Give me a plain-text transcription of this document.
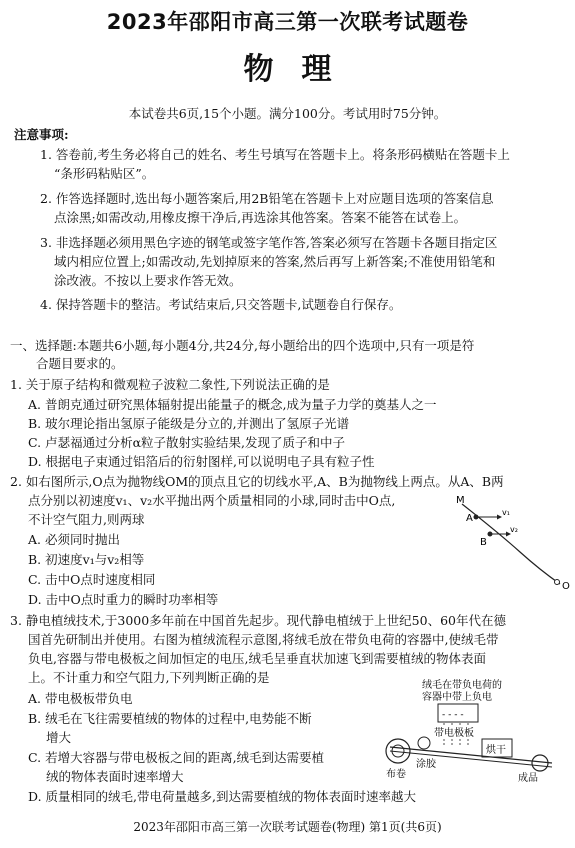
2023年邵阳市高三第一次联考试题卷
物理
本试卷共6页,15个小题。满分100分。考试用时75分钟。
注意事项:
1. 答卷前,考生务必将自己的姓名、考生号填写在答题卡上。将条形码横贴在答题卡上
“条形码粘贴区”。
2. 作答选择题时,选出每小题答案后,用2B铅笔在答题卡上对应题目选项的答案信息
点涂黑;如需改动,用橡皮擦干净后,再选涂其他答案。答案不能答在试卷上。
3. 非选择题必须用黑色字迹的钢笔或签字笔作答,答案必须写在答题卡各题目指定区
域内相应位置上;如需改动,先划掉原来的答案,然后再写上新答案;不准使用铅笔和
涂改液。不按以上要求作答无效。
4. 保持答题卡的整洁。考试结束后,只交答题卡,试题卷自行保存。
一、选择题:本题共6小题,每小题4分,共24分,每小题给出的四个选项中,只有一项是符
合题目要求的。
1. 关于原子结构和微观粒子波粒二象性,下列说法正确的是
A. 普朗克通过研究黑体辐射提出能量子的概念,成为量子力学的奠基人之一
B. 玻尔理论指出氢原子能级是分立的,并测出了氢原子光谱
C. 卢瑟福通过分析α粒子散射实验结果,发现了质子和中子
D. 根据电子束通过铝箔后的衍射图样,可以说明电子具有粒子性
2. 如右图所示,O点为抛物线OM的顶点且它的切线水平,A、B为抛物线上两点。从A、B两
点分别以初速度v₁、v₂水平抛出两个质量相同的小球,同时击中O点,
不计空气阻力,则两球
A. 必须同时抛出
B. 初速度v₁与v₂相等
C. 击中O点时速度相同
D. 击中O点时重力的瞬时功率相等
M
A
B
v₁
v₂
O
3. 静电植绒技术,于3000多年前在中国首先起步。现代静电植绒于上世纪50、60年代在德
国首先研制出并使用。右图为植绒流程示意图,将绒毛放在带负电荷的容器中,使绒毛带
负电,容器与带电极板之间加恒定的电压,绒毛呈垂直状加速飞到需要植绒的物体表面
上。不计重力和空气阻力,下列判断正确的是
A. 带电极板带负电
B. 绒毛在飞往需要植绒的物体的过程中,电势能不断
增大
C. 若增大容器与带电极板之间的距离,绒毛到达需要植
绒的物体表面时速率增大
D. 质量相同的绒毛,带电荷量越多,到达需要植绒的物体表面时速率越大
绒毛在带负电荷的
容器中带上负电
- - - -
带电极板
布卷
涂胶
烘干
成品
2023年邵阳市高三第一次联考试题卷(物理) 第1页(共6页)
